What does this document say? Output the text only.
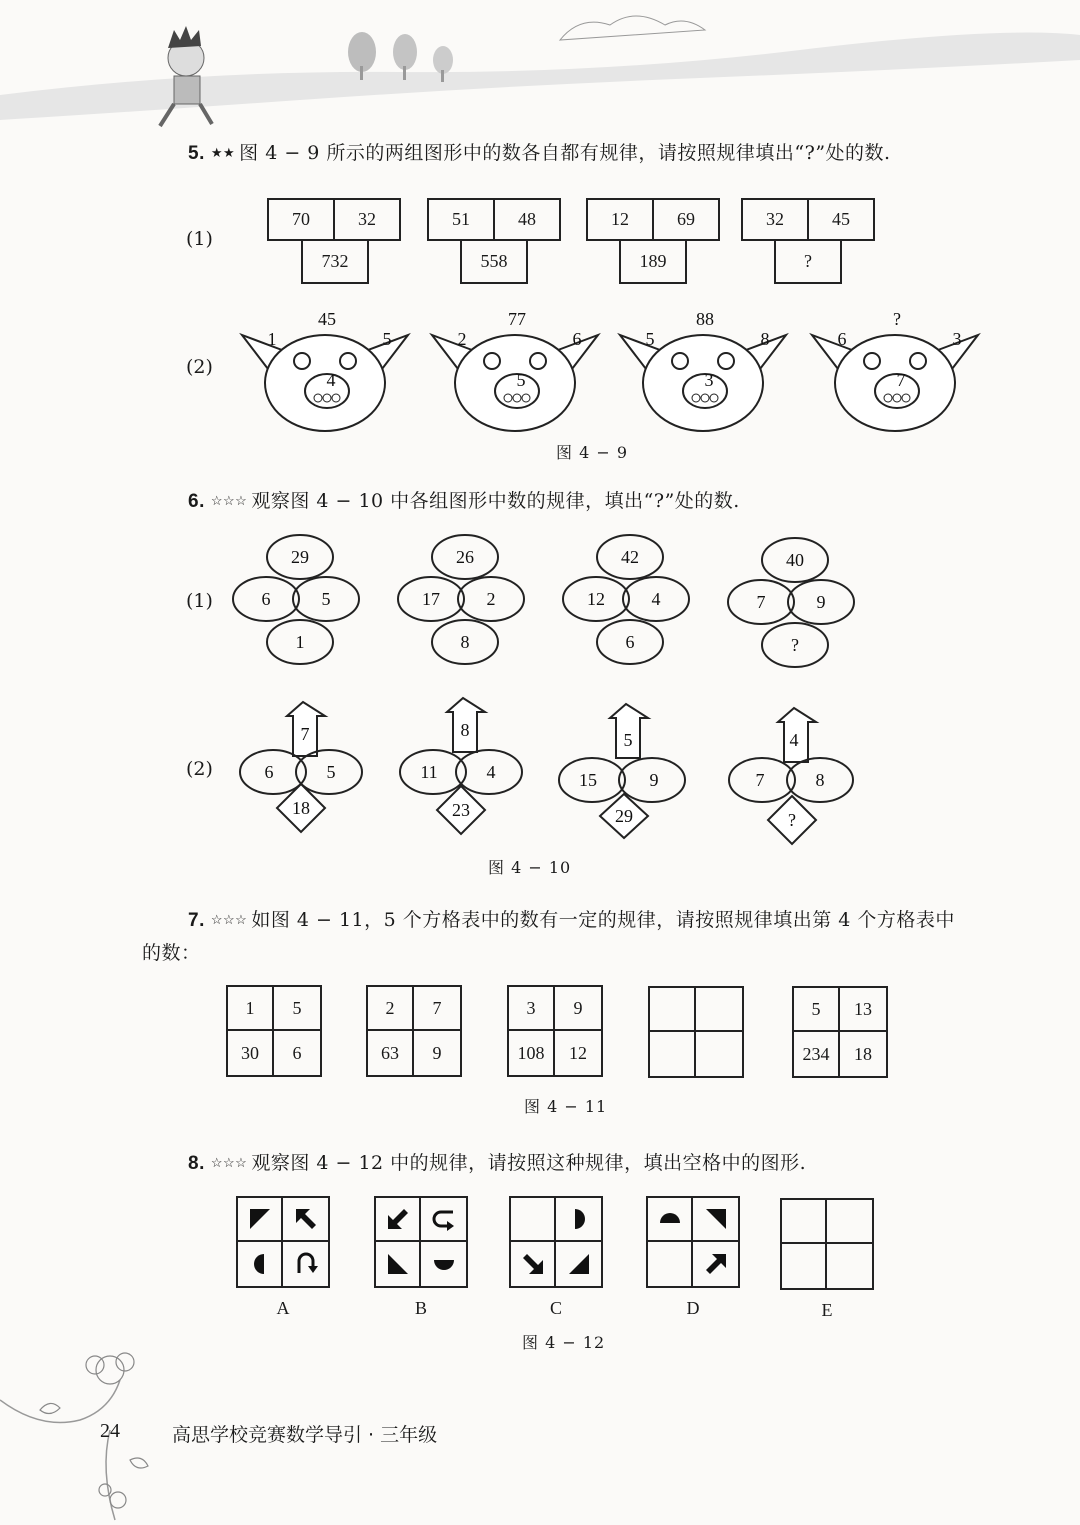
5. ★★ 图 4 − 9 所示的两组图形中的数各自都有规律，请按照规律填出“?”处的数.
(1)
70	32
732
51	48
558
12	69
189
32	45
?
(2)
45
1	5
4
77
2	6
5
88
5	8
3
?
6	3
7
图 4 − 9
6. ☆☆☆ 观察图 4 − 10 中各组图形中数的规律，填出“?”处的数.
(1)
29
6	5
1
26
17	2
8
42
12	4
6
40
7	9
?
(2)
7
6	5
18
8
11	4
23
5
15	9
29
4
7	8
?
图 4 − 10
7. ☆☆☆ 如图 4 − 11，5 个方格表中的数有一定的规律，请按照规律填出第 4 个方格表中
的数：
1	5
30	6
2	7
63	9
3	9
108	12
5	13
234	18
图 4 − 11
8. ☆☆☆ 观察图 4 − 12 中的规律，请按照这种规律，填出空格中的图形.
A	B	C	D	E
图 4 − 12
24	高思学校竞赛数学导引 · 三年级
